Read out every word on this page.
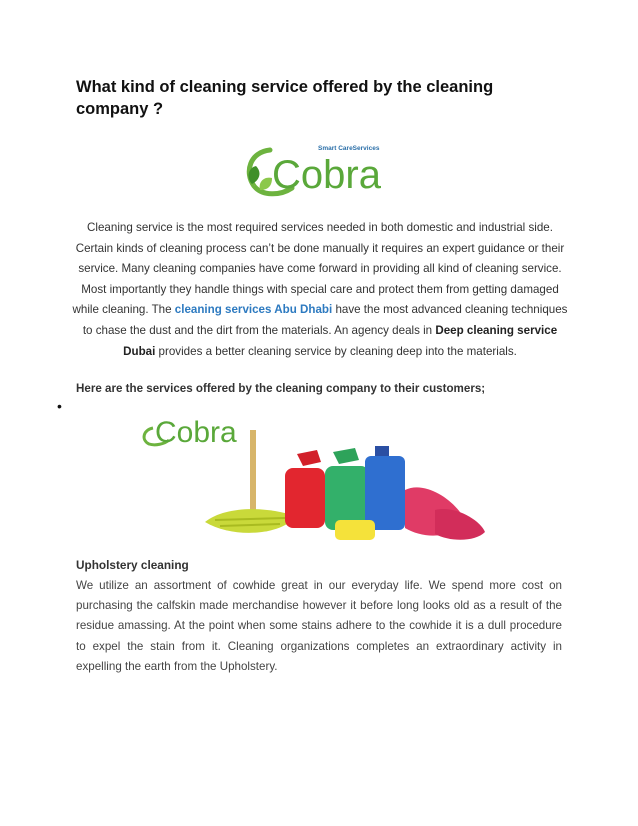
What kind of cleaning service offered by the cleaning company ?
Smart CareServices
Cobra

Cleaning service is the most required services needed in both domestic and industrial side. Certain kinds of cleaning process can’t be done manually it requires an expert guidance or their service. Many cleaning companies have come forward in providing all kind of cleaning service. Most importantly they handle things with special care and protect them from getting damaged while cleaning. The cleaning services Abu Dhabi have the most advanced cleaning techniques to chase the dust and the dirt from the materials. An agency deals in Deep cleaning service Dubai provides a better cleaning service by cleaning deep into the materials.

Here are the services offered by the cleaning company to their customers;

•
Cobra

Upholstery cleaning

We utilize an assortment of cowhide great in our everyday life. We spend more cost on purchasing the calfskin made merchandise however it before long looks old as a result of the residue amassing. At the point when some stains adhere to the cowhide it is a dull procedure to expel the stain from it. Cleaning organizations completes an extraordinary activity in expelling the earth from the Upholstery.
